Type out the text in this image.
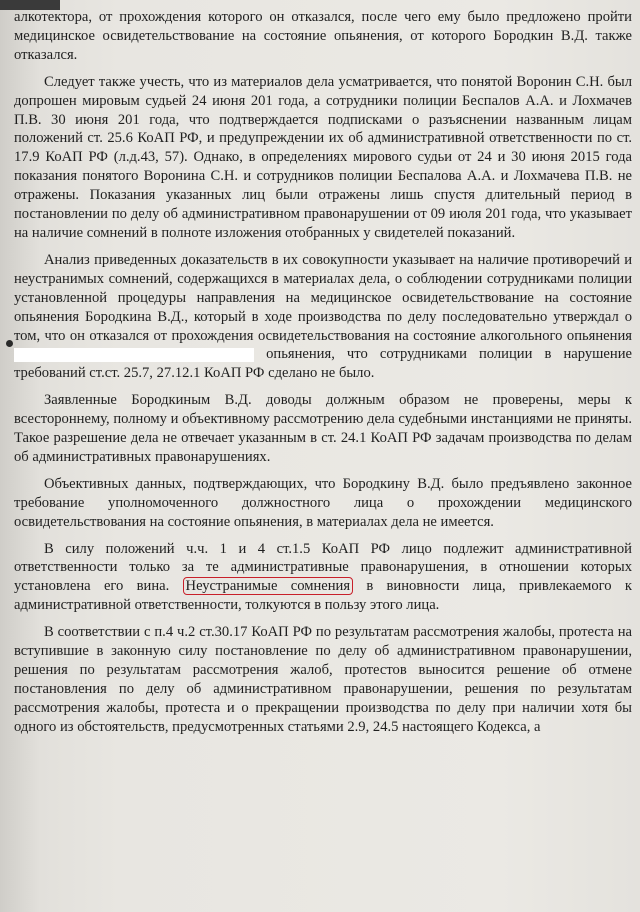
алкотектора, от прохождения которого он отказался, после чего ему было предложено пройти медицинское освидетельствование на состояние опьянения, от которого Бородкин В.Д. также отказался.

Следует также учесть, что из материалов дела усматривается, что понятой Воронин С.Н. был допрошен мировым судьей 24 июня 201 года, а сотрудники полиции Беспалов А.А. и Лохмачев П.В. 30 июня 201 года, что подтверждается подписками о разъяснении названным лицам положений ст. 25.6 КоАП РФ, и предупреждении их об административной ответственности по ст. 17.9 КоАП РФ (л.д.43, 57). Однако, в определениях мирового судьи от 24 и 30 июня 2015 года показания понятого Воронина С.Н. и сотрудников полиции Беспалова А.А. и Лохмачева П.В. не отражены. Показания указанных лиц были отражены лишь спустя длительный период в постановлении по делу об административном правонарушении от 09 июля 201 года, что указывает на наличие сомнений в полноте изложения отобранных у свидетелей показаний.

Анализ приведенных доказательств в их совокупности указывает на наличие противоречий и неустранимых сомнений, содержащихся в материалах дела, о соблюдении сотрудниками полиции установленной процедуры направления на медицинское освидетельствование на состояние опьянения Бородкина В.Д., который в ходе производства по делу последовательно утверждал о том, что он отказался от прохождения освидетельствования на состояние алкогольного опьянения  опьянения, что сотрудниками полиции в нарушение требований ст.ст. 25.7, 27.12.1 КоАП РФ сделано не было.

Заявленные Бородкиным В.Д. доводы должным образом не проверены, меры к всестороннему, полному и объективному рассмотрению дела судебными инстанциями не приняты. Такое разрешение дела не отвечает указанным в ст. 24.1 КоАП РФ задачам производства по делам об административных правонарушениях.

Объективных данных, подтверждающих, что Бородкину В.Д. было предъявлено законное требование уполномоченного должностного лица о прохождении медицинского освидетельствования на состояние опьянения, в материалах дела не имеется.

В силу положений ч.ч. 1 и 4 ст.1.5 КоАП РФ лицо подлежит административной ответственности только за те административные правонарушения, в отношении которых установлена его вина. Неустранимые сомнения в виновности лица, привлекаемого к административной ответственности, толкуются в пользу этого лица.

В соответствии с п.4 ч.2 ст.30.17 КоАП РФ по результатам рассмотрения жалобы, протеста на вступившие в законную силу постановление по делу об административном правонарушении, решения по результатам рассмотрения жалоб, протестов выносится решение об отмене постановления по делу об административном правонарушении, решения по результатам рассмотрения жалобы, протеста и о прекращении производства по делу при наличии хотя бы одного из обстоятельств, предусмотренных статьями 2.9, 24.5 настоящего Кодекса, а
